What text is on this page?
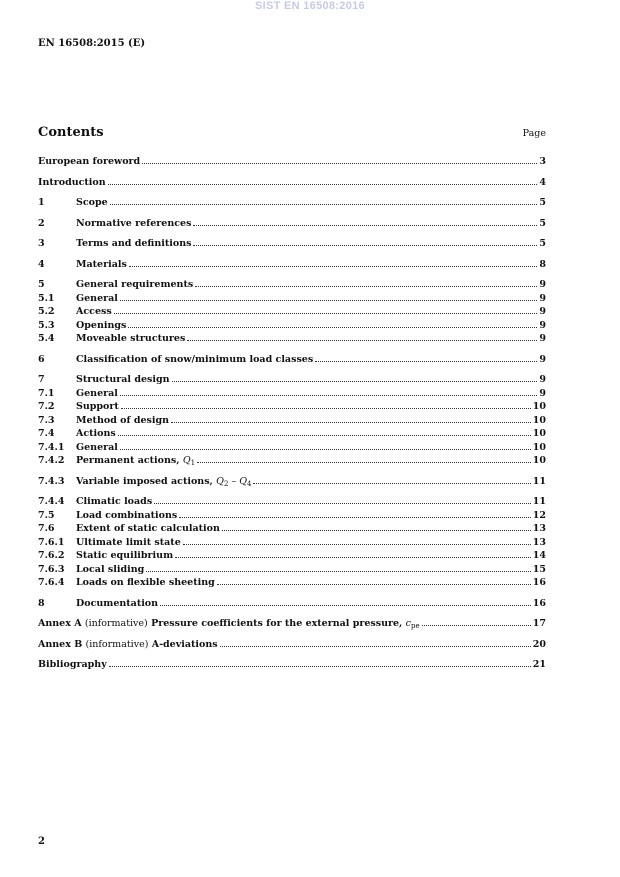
SIST EN 16508:2016
EN 16508:2015 (E)
Contents	Page
European foreword	3
Introduction	4
1	Scope	5
2	Normative references	5
3	Terms and definitions	5
4	Materials	8
5	General requirements	9
5.1	General	9
5.2	Access	9
5.3	Openings	9
5.4	Moveable structures	9
6	Classification of snow/minimum load classes	9
7	Structural design	9
7.1	General	9
7.2	Support	10
7.3	Method of design	10
7.4	Actions	10
7.4.1	General	10
7.4.2	Permanent actions, $Q_1$	10
7.4.3	Variable imposed actions, $Q_2 - Q_4$	11
7.4.4	Climatic loads	11
7.5	Load combinations	12
7.6	Extent of static calculation	13
7.6.1	Ultimate limit state	13
7.6.2	Static equilibrium	14
7.6.3	Local sliding	15
7.6.4	Loads on flexible sheeting	16
8	Documentation	16
Annex A (informative) Pressure coefficients for the external pressure, $c_{pe}$	17
Annex B (informative) A-deviations	20
Bibliography	21
2
